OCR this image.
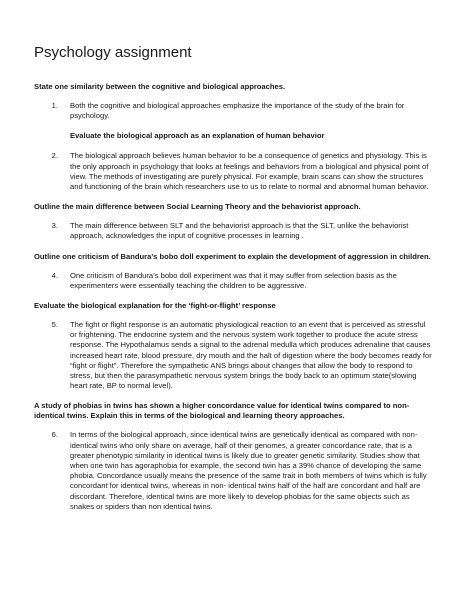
Psychology assignment
State one similarity between the cognitive and biological approaches.
1.	Both the cognitive and biological approaches emphasize the importance of the study of the brain for psychology.
Evaluate the biological approach as an explanation of human behavior
2.	The biological approach believes human behavior to be a consequence of genetics and physiology. This is the only approach in psychology that looks at feelings and behaviors from a biological and physical point of view. The methods of investigating are purely physical. For example, brain scans can show the structures and functioning of the brain which researchers use to us to relate to normal and abnormal human behavior.
Outline the main difference between Social Learning Theory and the behaviorist approach.
3.	The main difference between SLT and the behaviorist approach is that the SLT, unlike the behaviorist approach, acknowledges the input of cognitive processes in learning .
Outline one criticism of Bandura’s bobo doll experiment to explain the development of aggression in children.
4.	One criticism of Bandura’s bobo doll experiment was that it may suffer from selection basis as the experimenters were essentially teaching the children to be aggressive.
Evaluate the biological explanation for the ‘fight-or-flight’ response
5.	The fight or flight response is an automatic physiological reaction to an event that is perceived as stressful or frightening. The endocrine system and the nervous system work together to produce the acute stress response. The Hypothalamus sends a signal to the adrenal medulla which produces adrenaline that causes increased heart rate, blood pressure, dry mouth and the halt of digestion where the body becomes ready for “fight or flight”. Therefore the sympathetic ANS brings about changes that allow the body to respond to stress, but then the parasympathetic nervous system brings the body back to an optimum state(slowing heart rate, BP to normal level).
A study of phobias in twins has shown a higher concordance value for identical twins compared to non-identical twins. Explain this in terms of the biological and learning theory approaches.
6.	In terms of the biological approach, since identical twins are genetically identical as compared with non- identical twins who only share on average, half of their genomes, a greater concordance rate, that is a greater phenotypic similarity in identical twins is likely due to greater genetic similarity. Studies show that when one twin has agoraphobia for example, the second twin has a 39% chance of developing the same phobia. Concordance usually means the presence of the same trait in both members of twins which is fully concordant for identical twins, whereas in non- identical twins half of the half are concordant and half are discordant. Therefore, identical twins are more likely to develop phobias for the same objects such as snakes or spiders than non identical twins.
